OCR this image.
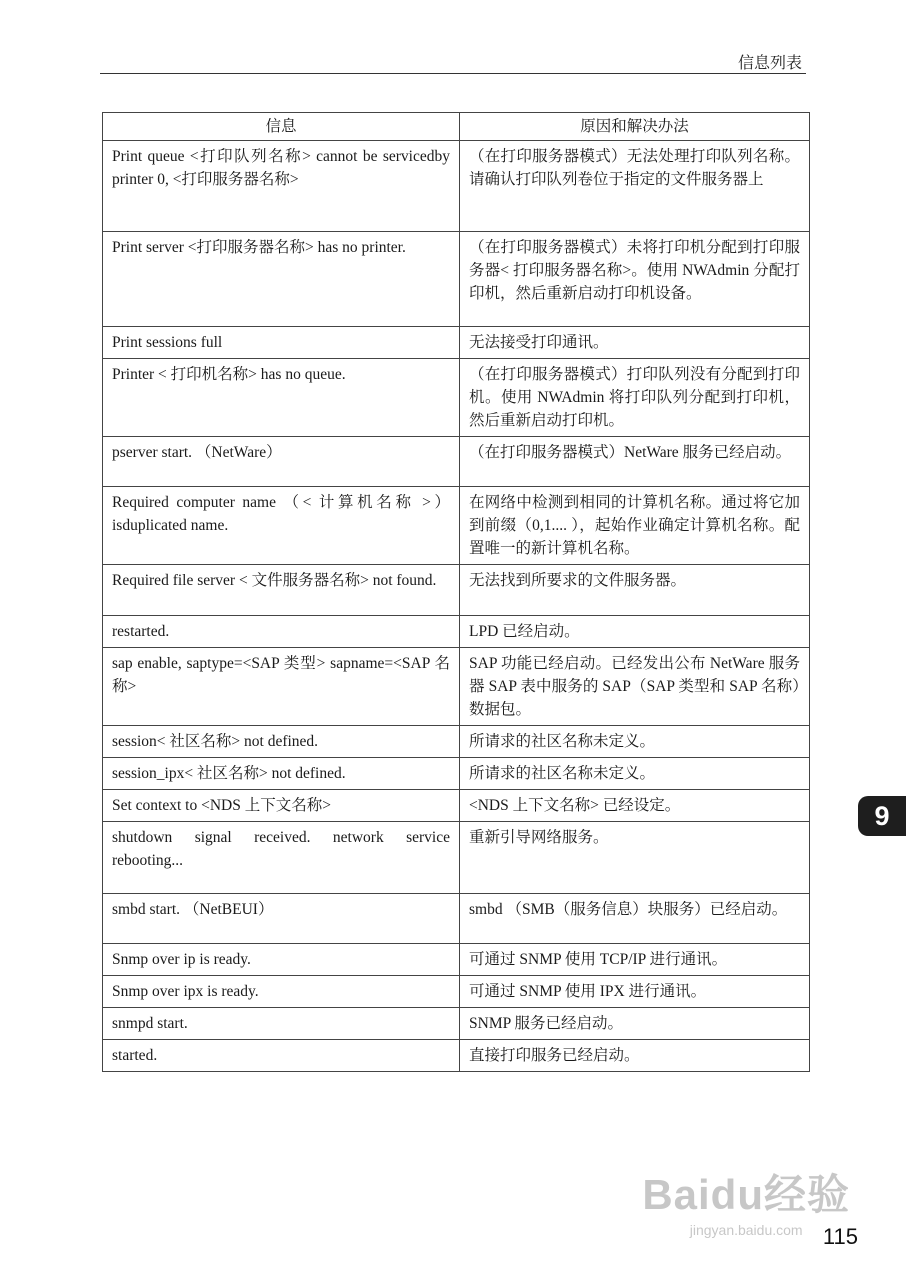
信息列表
信息	原因和解决办法
Print queue <打印队列名称> cannot be servicedby printer 0, <打印服务器名称>	（在打印服务器模式）无法处理打印队列名称。请确认打印队列卷位于指定的文件服务器上
Print server <打印服务器名称> has no printer.	（在打印服务器模式）未将打印机分配到打印服务器< 打印服务器名称>。使用 NWAdmin 分配打印机，然后重新启动打印机设备。
Print sessions full	无法接受打印通讯。
Printer < 打印机名称> has no queue.	（在打印服务器模式）打印队列没有分配到打印机。使用 NWAdmin 将打印队列分配到打印机，然后重新启动打印机。
pserver start. （NetWare）	（在打印服务器模式）NetWare 服务已经启动。
Required computer name （< 计算机名称 >） isduplicated name.	在网络中检测到相同的计算机名称。通过将它加到前缀（0,1.... ），起始作业确定计算机名称。配置唯一的新计算机名称。
Required file server < 文件服务器名称> not found.	无法找到所要求的文件服务器。
restarted.	LPD 已经启动。
sap enable, saptype=<SAP 类型> sapname=<SAP 名称>	SAP 功能已经启动。已经发出公布 NetWare 服务器 SAP 表中服务的 SAP（SAP 类型和 SAP 名称）数据包。
session< 社区名称> not defined.	所请求的社区名称未定义。
session_ipx< 社区名称> not defined.	所请求的社区名称未定义。
Set context to <NDS 上下文名称>	<NDS 上下文名称> 已经设定。
shutdown signal received. network service rebooting...	重新引导网络服务。
smbd start. （NetBEUI）	smbd （SMB（服务信息）块服务）已经启动。
Snmp over ip is ready.	可通过 SNMP 使用 TCP/IP 进行通讯。
Snmp over ipx is ready.	可通过 SNMP 使用 IPX 进行通讯。
snmpd start.	SNMP 服务已经启动。
started.	直接打印服务已经启动。
9
Baidu经验
jingyan.baidu.com 115
